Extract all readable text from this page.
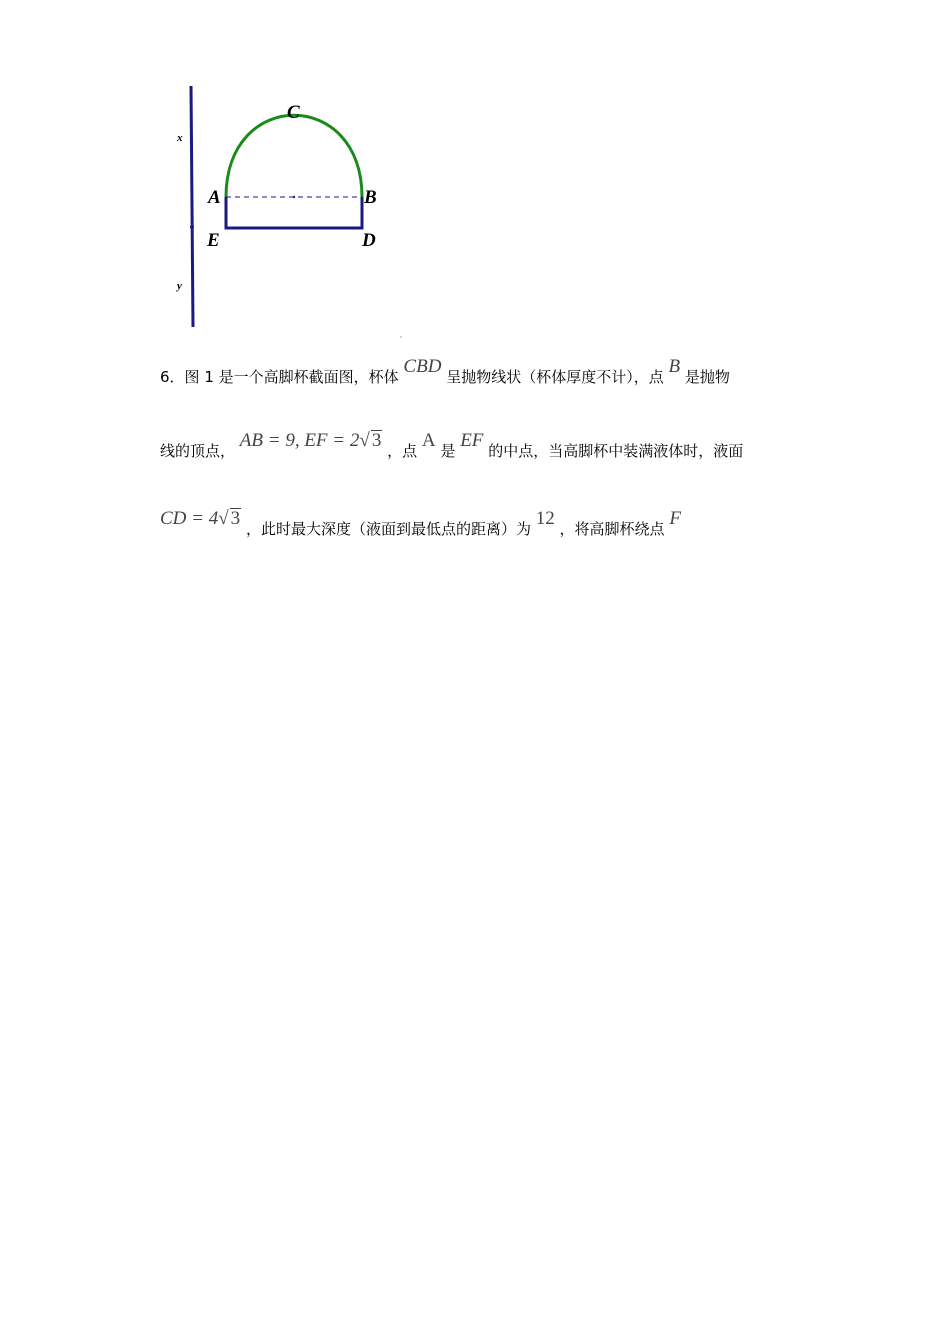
C
A	B
E	D
x
y
6．图 1 是一个高脚杯截面图，杯体 CBD 呈抛物线状（杯体厚度不计），点 B 是抛物
线的顶点， AB = 9, EF = 2√ 3 ，点 A 是 EF 的中点，当高脚杯中装满液体时，液面
CD = 4√ 3 ，此时最大深度（液面到最低点的距离）为 12 ，将高脚杯绕点 F
